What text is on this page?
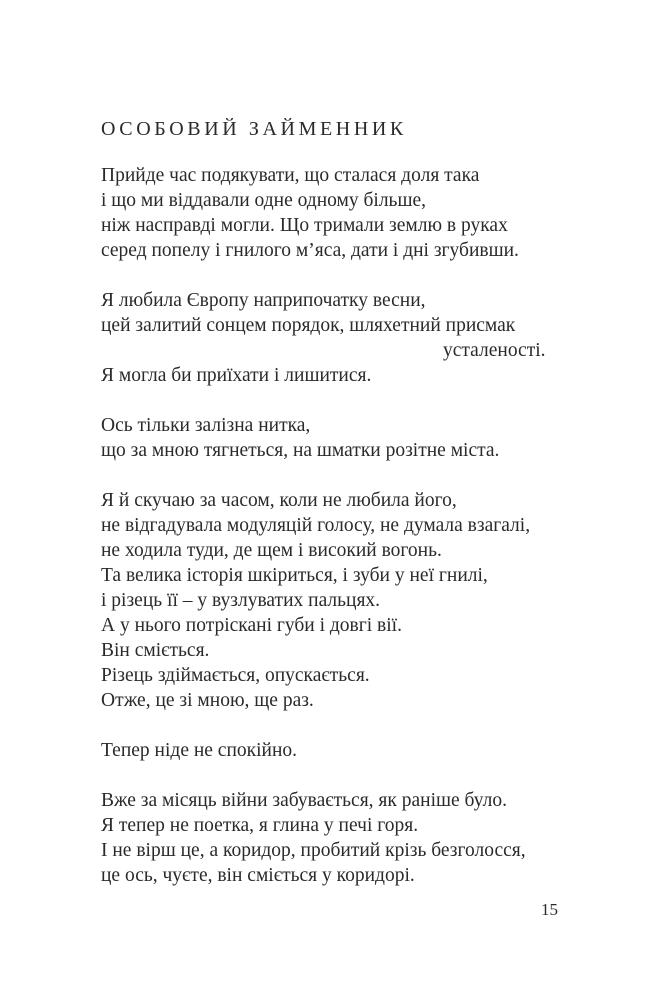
ОСОБОВИЙ ЗАЙМЕННИК
Прийде час подякувати, що сталася доля така
і що ми віддавали одне одному більше,
ніж насправді могли. Що тримали землю в руках
серед попелу і гнилого м’яса, дати і дні згубивши.
Я любила Європу наприпочатку весни,
цей залитий сонцем порядок, шляхетний присмак
усталеності.
Я могла би приїхати і лишитися.
Ось тільки залізна нитка,
що за мною тягнеться, на шматки розітне міста.
Я й скучаю за часом, коли не любила його,
не відгадувала модуляцій голосу, не думала взагалі,
не ходила туди, де щем і високий вогонь.
Та велика історія шкіриться, і зуби у неї гнилі,
і різець її – у вузлуватих пальцях.
А у нього потріскані губи і довгі вії.
Він сміється.
Різець здіймається, опускається.
Отже, це зі мною, ще раз.
Тепер ніде не спокійно.
Вже за місяць війни забувається, як раніше було.
Я тепер не поетка, я глина у печі горя.
І не вірш це, а коридор, пробитий крізь безголосся,
це ось, чуєте, він сміється у коридорі.
15
